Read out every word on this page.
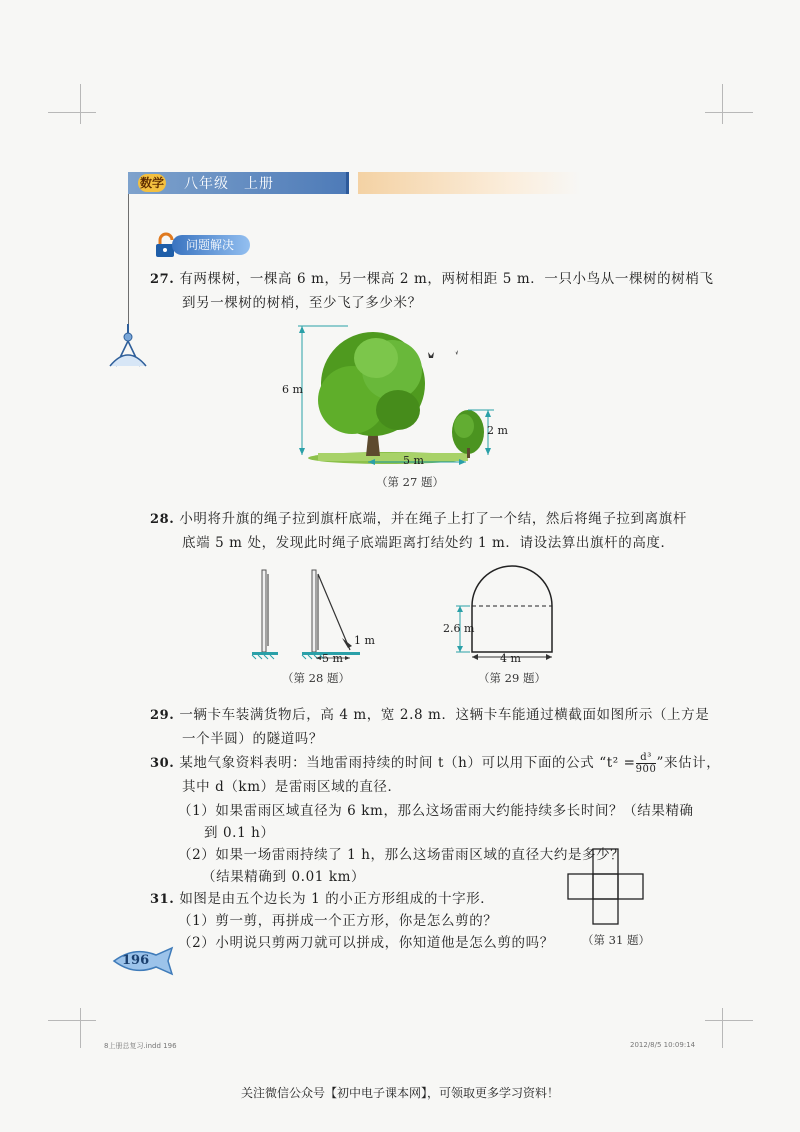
数学 八年级　上册
问题解决
27. 有两棵树，一棵高 6 m，另一棵高 2 m，两树相距 5 m．一只小鸟从一棵树的树梢飞
到另一棵树的树梢，至少飞了多少米？
6 m
2 m
5 m
（第 27 题）
28. 小明将升旗的绳子拉到旗杆底端，并在绳子上打了一个结，然后将绳子拉到离旗杆
底端 5 m 处，发现此时绳子底端距离打结处约 1 m．请设法算出旗杆的高度．
1 m
5 m
（第 28 题）
2.6 m
4 m
（第 29 题）
29. 一辆卡车装满货物后，高 4 m，宽 2.8 m．这辆卡车能通过横截面如图所示（上方是
一个半圆）的隧道吗？
30. 某地气象资料表明：当地雷雨持续的时间 t（h）可以用下面的公式 “$t^2 = \frac{\text{d³}}{900}$ ”来估计，
其中 d（km）是雷雨区域的直径．
（1）如果雷雨区域直径为 6 km，那么这场雷雨大约能持续多长时间？（结果精确
到 0.1 h）
（2）如果一场雷雨持续了 1 h，那么这场雷雨区域的直径大约是多少？
（结果精确到 0.01 km）
31. 如图是由五个边长为 1 的小正方形组成的十字形．
（1）剪一剪，再拼成一个正方形，你是怎么剪的？
（2）小明说只剪两刀就可以拼成，你知道他是怎么剪的吗？ （第 31 题）
196
8上册总复习.indd 196	2012/8/5 10:09:14
关注微信公众号【初中电子课本网】，可领取更多学习资料！
